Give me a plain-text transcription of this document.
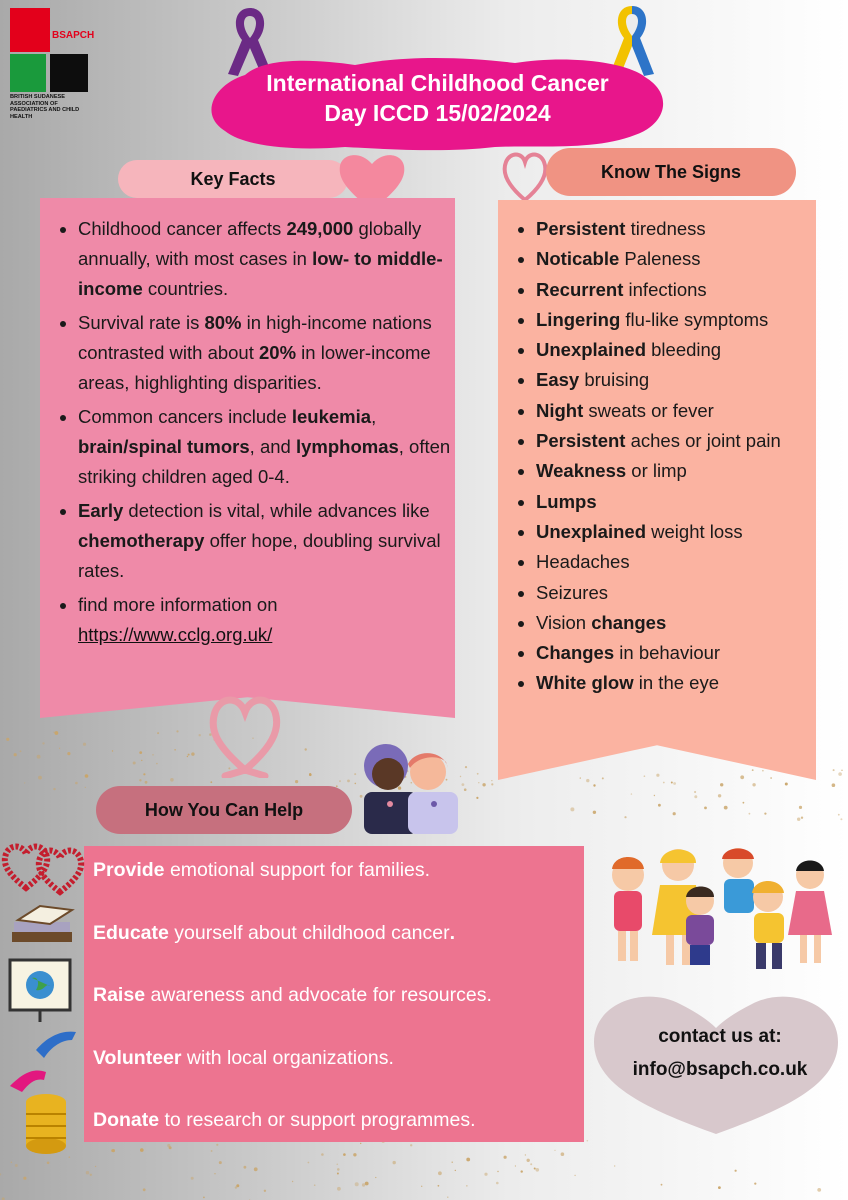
BSAPCH
BRITISH SUDANESE ASSOCIATION OF PAEDIATRICS AND CHILD HEALTH
International Childhood Cancer
Day ICCD 15/02/2024
Key Facts
• Childhood cancer affects 249,000 globally annually, with most cases in low- to middle-income countries.
• Survival rate is 80% in high-income nations contrasted with about 20% in lower-income areas, highlighting disparities.
• Common cancers include leukemia, brain/spinal tumors, and lymphomas, often striking children aged 0-4.
• Early detection is vital, while advances like chemotherapy offer hope, doubling survival rates.
• find more information on https://www.cclg.org.uk/
Know The Signs
• Persistent tiredness
• Noticable Paleness
• Recurrent infections
• Lingering flu-like symptoms
• Unexplained bleeding
• Easy bruising
• Night sweats or fever
• Persistent aches or joint pain
• Weakness or limp
• Lumps
• Unexplained weight loss
• Headaches
• Seizures
• Vision changes
• Changes in behaviour
• White glow in the eye
How You Can Help
Provide emotional support for families.
Educate yourself about childhood cancer.
Raise awareness and advocate for resources.
Volunteer with local organizations.
Donate to research or support programmes.
contact us at:
info@bsapch.co.uk
